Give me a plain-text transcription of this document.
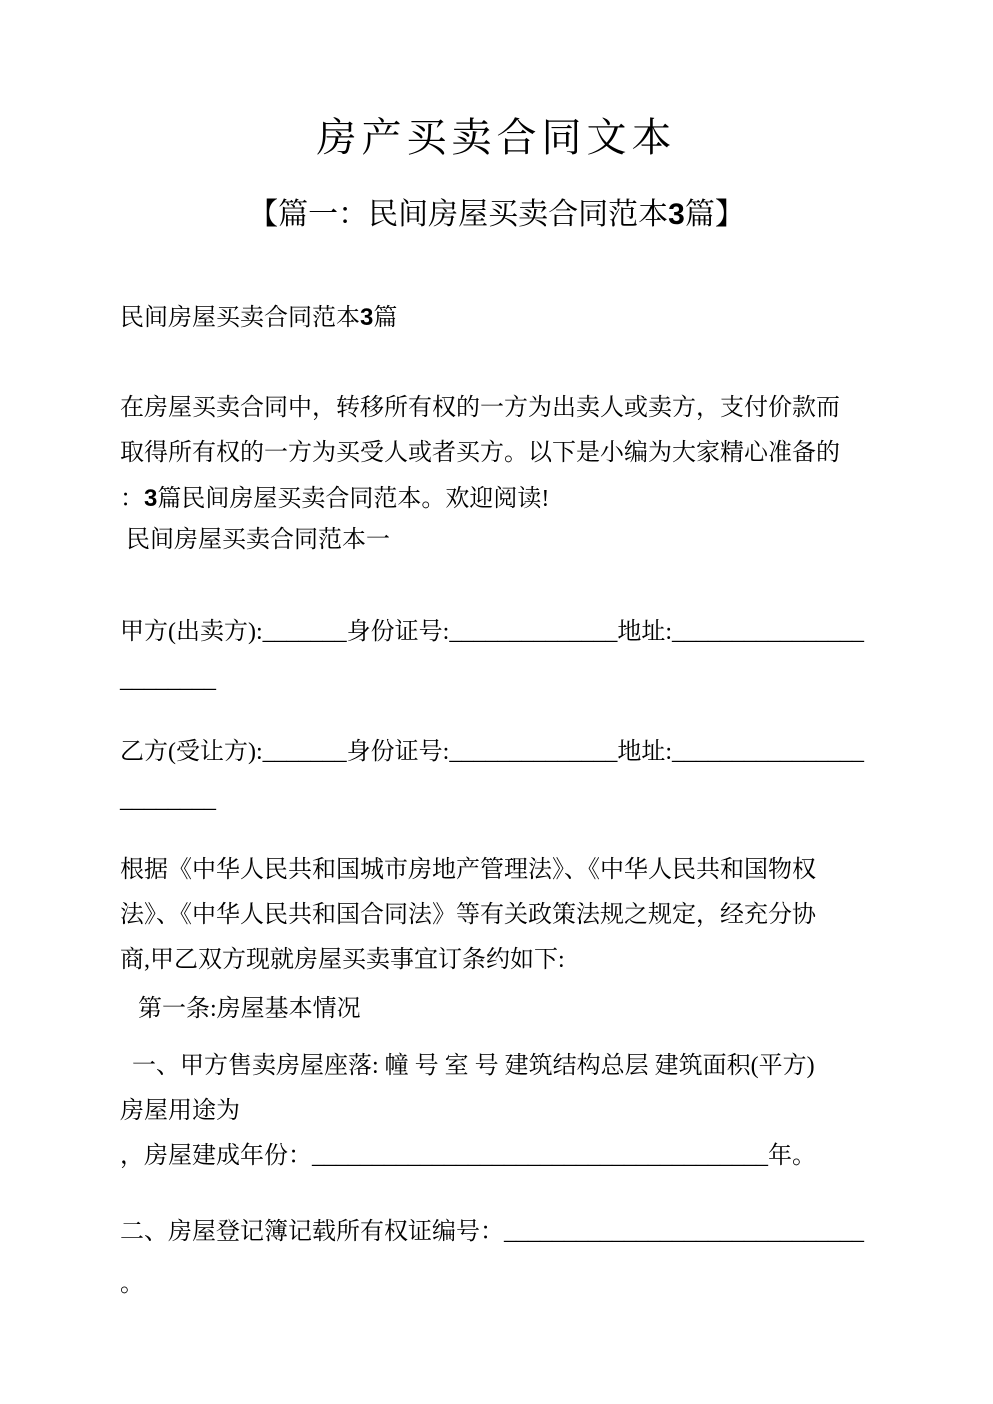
房产买卖合同文本
【篇一：民间房屋买卖合同范本3篇】
民间房屋买卖合同范本3篇
在房屋买卖合同中，转移所有权的一方为出卖人或卖方，支付价款而
取得所有权的一方为买受人或者买方。以下是小编为大家精心准备的
：3篇民间房屋买卖合同范本。欢迎阅读!
民间房屋买卖合同范本一
甲方(出卖方):_______身份证号:______________地址:________________
________
乙方(受让方):_______身份证号:______________地址:________________
________
根据《中华人民共和国城市房地产管理法》、《中华人民共和国物权
法》、《中华人民共和国合同法》等有关政策法规之规定，经充分协
商,甲乙双方现就房屋买卖事宜订条约如下:
第一条:房屋基本情况
一、甲方售卖房屋座落: 幢 号 室 号 建筑结构总层 建筑面积(平方)
房屋用途为
，房屋建成年份：______________________________________年。
二、房屋登记簿记载所有权证编号：______________________________
。
